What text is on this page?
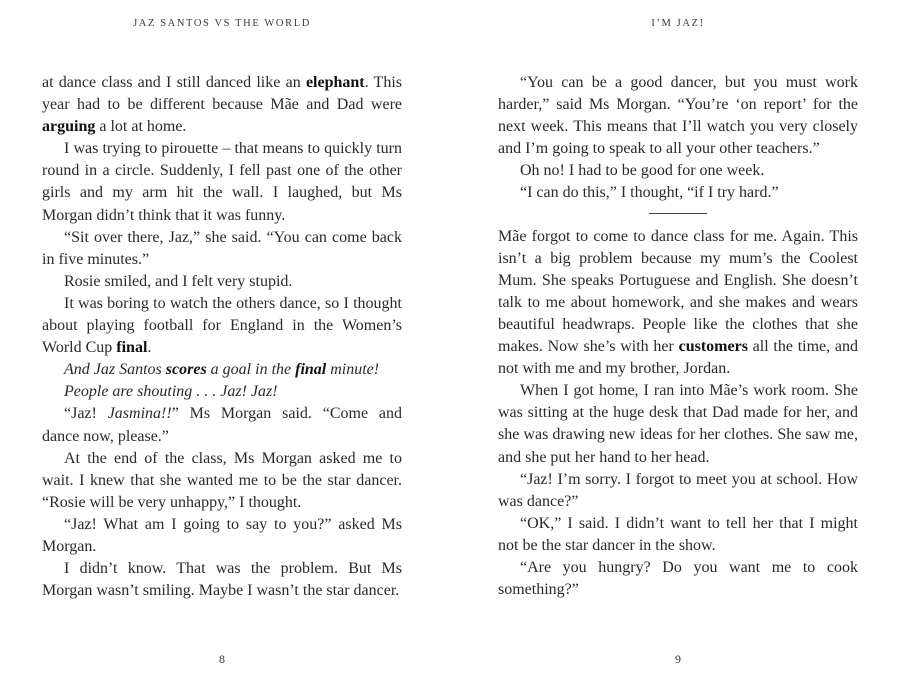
JAZ SANTOS VS THE WORLD

at dance class and I still danced like an elephant. This year had to be different because Mãe and Dad were arguing a lot at home.

I was trying to pirouette – that means to quickly turn round in a circle. Suddenly, I fell past one of the other girls and my arm hit the wall. I laughed, but Ms Morgan didn’t think that it was funny.

“Sit over there, Jaz,” she said. “You can come back in five minutes.”

Rosie smiled, and I felt very stupid.

It was boring to watch the others dance, so I thought about playing football for England in the Women’s World Cup final.

And Jaz Santos scores a goal in the final minute!

People are shouting . . . Jaz! Jaz!

“Jaz! Jasmina!!” Ms Morgan said. “Come and dance now, please.”

At the end of the class, Ms Morgan asked me to wait. I knew that she wanted me to be the star dancer. “Rosie will be very unhappy,” I thought.

“Jaz! What am I going to say to you?” asked Ms Morgan.

I didn’t know. That was the problem. But Ms Morgan wasn’t smiling. Maybe I wasn’t the star dancer.

8
I’M JAZ!

“You can be a good dancer, but you must work harder,” said Ms Morgan. “You’re ‘on report’ for the next week. This means that I’ll watch you very closely and I’m going to speak to all your other teachers.”

Oh no! I had to be good for one week.

“I can do this,” I thought, “if I try hard.”

Mãe forgot to come to dance class for me. Again. This isn’t a big problem because my mum’s the Coolest Mum. She speaks Portuguese and English. She doesn’t talk to me about homework, and she makes and wears beautiful headwraps. People like the clothes that she makes. Now she’s with her customers all the time, and not with me and my brother, Jordan.

When I got home, I ran into Mãe’s work room. She was sitting at the huge desk that Dad made for her, and she was drawing new ideas for her clothes. She saw me, and she put her hand to her head.

“Jaz! I’m sorry. I forgot to meet you at school. How was dance?”

“OK,” I said. I didn’t want to tell her that I might not be the star dancer in the show.

“Are you hungry? Do you want me to cook something?”

9
